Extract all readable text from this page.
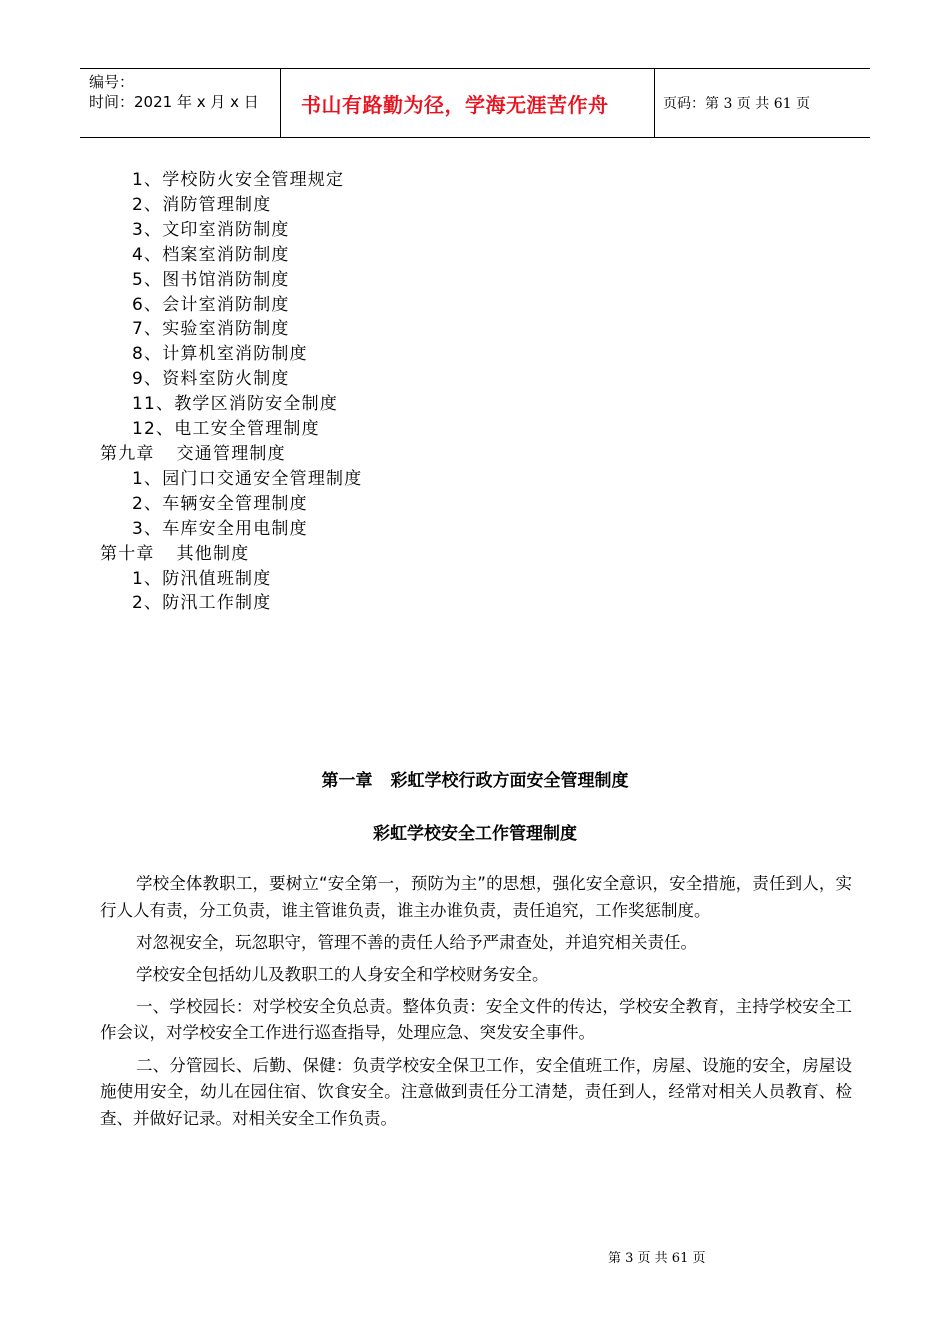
编号：
时间：2021 年 x 月 x 日	书山有路勤为径，学海无涯苦作舟	页码：第 3 页 共 61 页
1、学校防火安全管理规定
2、消防管理制度
3、文印室消防制度
4、档案室消防制度
5、图书馆消防制度
6、会计室消防制度
7、实验室消防制度
8、计算机室消防制度
9、资料室防火制度
11、教学区消防安全制度
12、电工安全管理制度
第九章 交通管理制度
1、园门口交通安全管理制度
2、车辆安全管理制度
3、车库安全用电制度
第十章 其他制度
1、防汛值班制度
2、防汛工作制度
第一章 彩虹学校行政方面安全管理制度
彩虹学校安全工作管理制度

学校全体教职工，要树立“安全第一，预防为主”的思想，强化安全意识，安全措施，责任到人，实行人人有责，分工负责，谁主管谁负责，谁主办谁负责，责任追究，工作奖惩制度。

对忽视安全，玩忽职守，管理不善的责任人给予严肃查处，并追究相关责任。

学校安全包括幼儿及教职工的人身安全和学校财务安全。

一、学校园长：对学校安全负总责。整体负责：安全文件的传达，学校安全教育，主持学校安全工作会议，对学校安全工作进行巡查指导，处理应急、突发安全事件。

二、分管园长、后勤、保健：负责学校安全保卫工作，安全值班工作，房屋、设施的安全，房屋设施使用安全，幼儿在园住宿、饮食安全。注意做到责任分工清楚，责任到人，经常对相关人员教育、检查、并做好记录。对相关安全工作负责。

第 3 页 共 61 页
